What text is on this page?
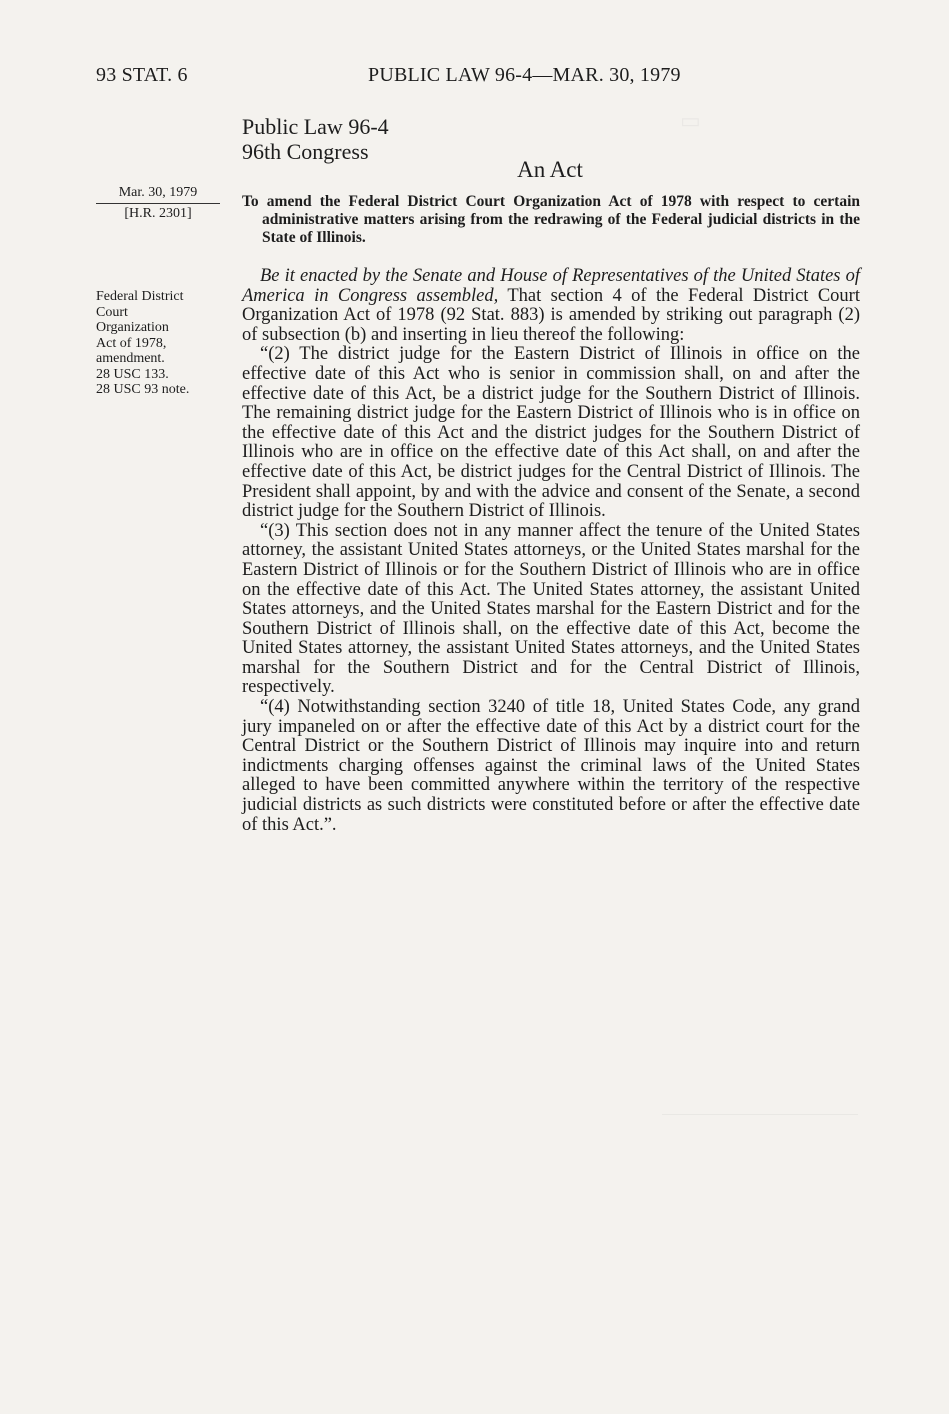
▭
93 STAT. 6	PUBLIC LAW 96-4—MAR. 30, 1979
Public Law 96-4
96th Congress
An Act
Mar. 30, 1979
[H.R. 2301]
Federal District
Court
Organization
Act of 1978,
amendment.
28 USC 133.
28 USC 93 note.
To amend the Federal District Court Organization Act of 1978 with respect to certain administrative matters arising from the redrawing of the Federal judicial districts in the State of Illinois.

Be it enacted by the Senate and House of Representatives of the United States of America in Congress assembled, That section 4 of the Federal District Court Organization Act of 1978 (92 Stat. 883) is amended by striking out paragraph (2) of subsection (b) and inserting in lieu thereof the following:

“(2) The district judge for the Eastern District of Illinois in office on the effective date of this Act who is senior in commission shall, on and after the effective date of this Act, be a district judge for the Southern District of Illinois. The remaining district judge for the Eastern District of Illinois who is in office on the effective date of this Act and the district judges for the Southern District of Illinois who are in office on the effective date of this Act shall, on and after the effective date of this Act, be district judges for the Central District of Illinois. The President shall appoint, by and with the advice and consent of the Senate, a second district judge for the Southern District of Illinois.

“(3) This section does not in any manner affect the tenure of the United States attorney, the assistant United States attorneys, or the United States marshal for the Eastern District of Illinois or for the Southern District of Illinois who are in office on the effective date of this Act. The United States attorney, the assistant United States attorneys, and the United States marshal for the Eastern District and for the Southern District of Illinois shall, on the effective date of this Act, become the United States attorney, the assistant United States attorneys, and the United States marshal for the Southern District and for the Central District of Illinois, respectively.

“(4) Notwithstanding section 3240 of title 18, United States Code, any grand jury impaneled on or after the effective date of this Act by a district court for the Central District or the Southern District of Illinois may inquire into and return indictments charging offenses against the criminal laws of the United States alleged to have been committed anywhere within the territory of the respective judicial districts as such districts were constituted before or after the effective date of this Act.”.
